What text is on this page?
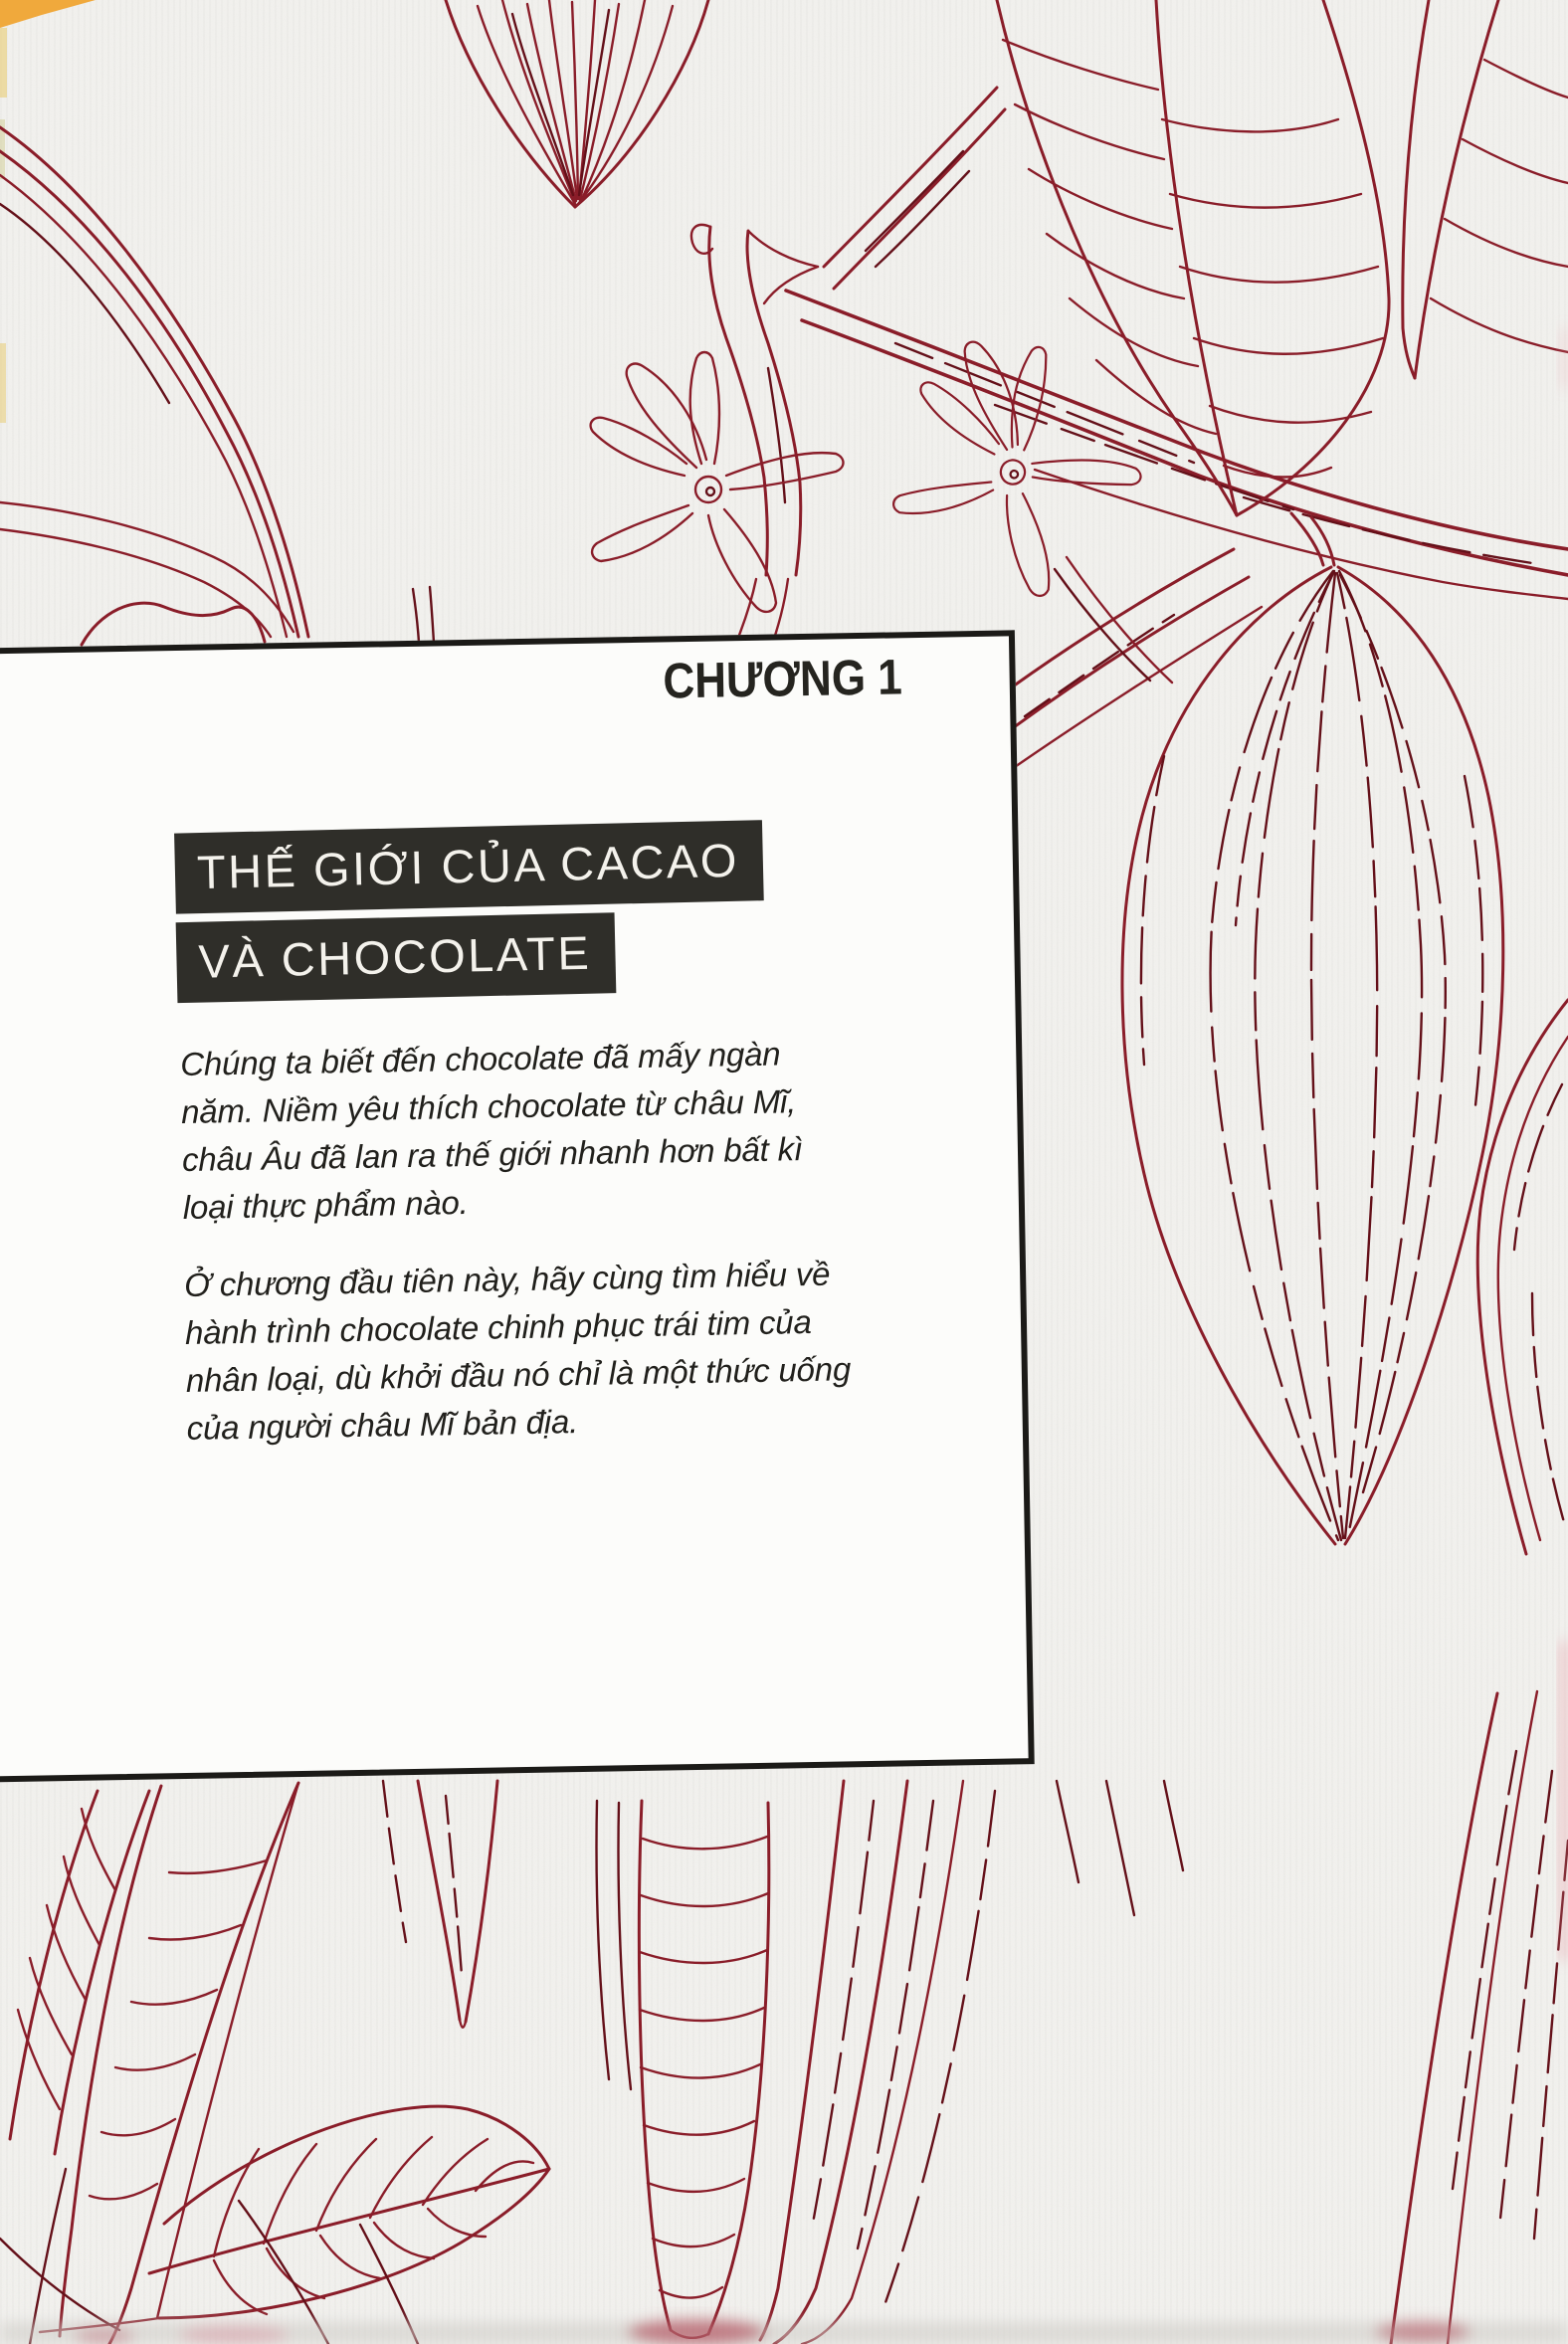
CHƯƠNG 1
THẾ GIỚI CỦA CACAO
VÀ CHOCOLATE
Chúng ta biết đến chocolate đã mấy ngàn
năm. Niềm yêu thích chocolate từ châu Mĩ,
châu Âu đã lan ra thế giới nhanh hơn bất kì
loại thực phẩm nào.
Ở chương đầu tiên này, hãy cùng tìm hiểu về
hành trình chocolate chinh phục trái tim của
nhân loại, dù khởi đầu nó chỉ là một thức uống
của người châu Mĩ bản địa.
